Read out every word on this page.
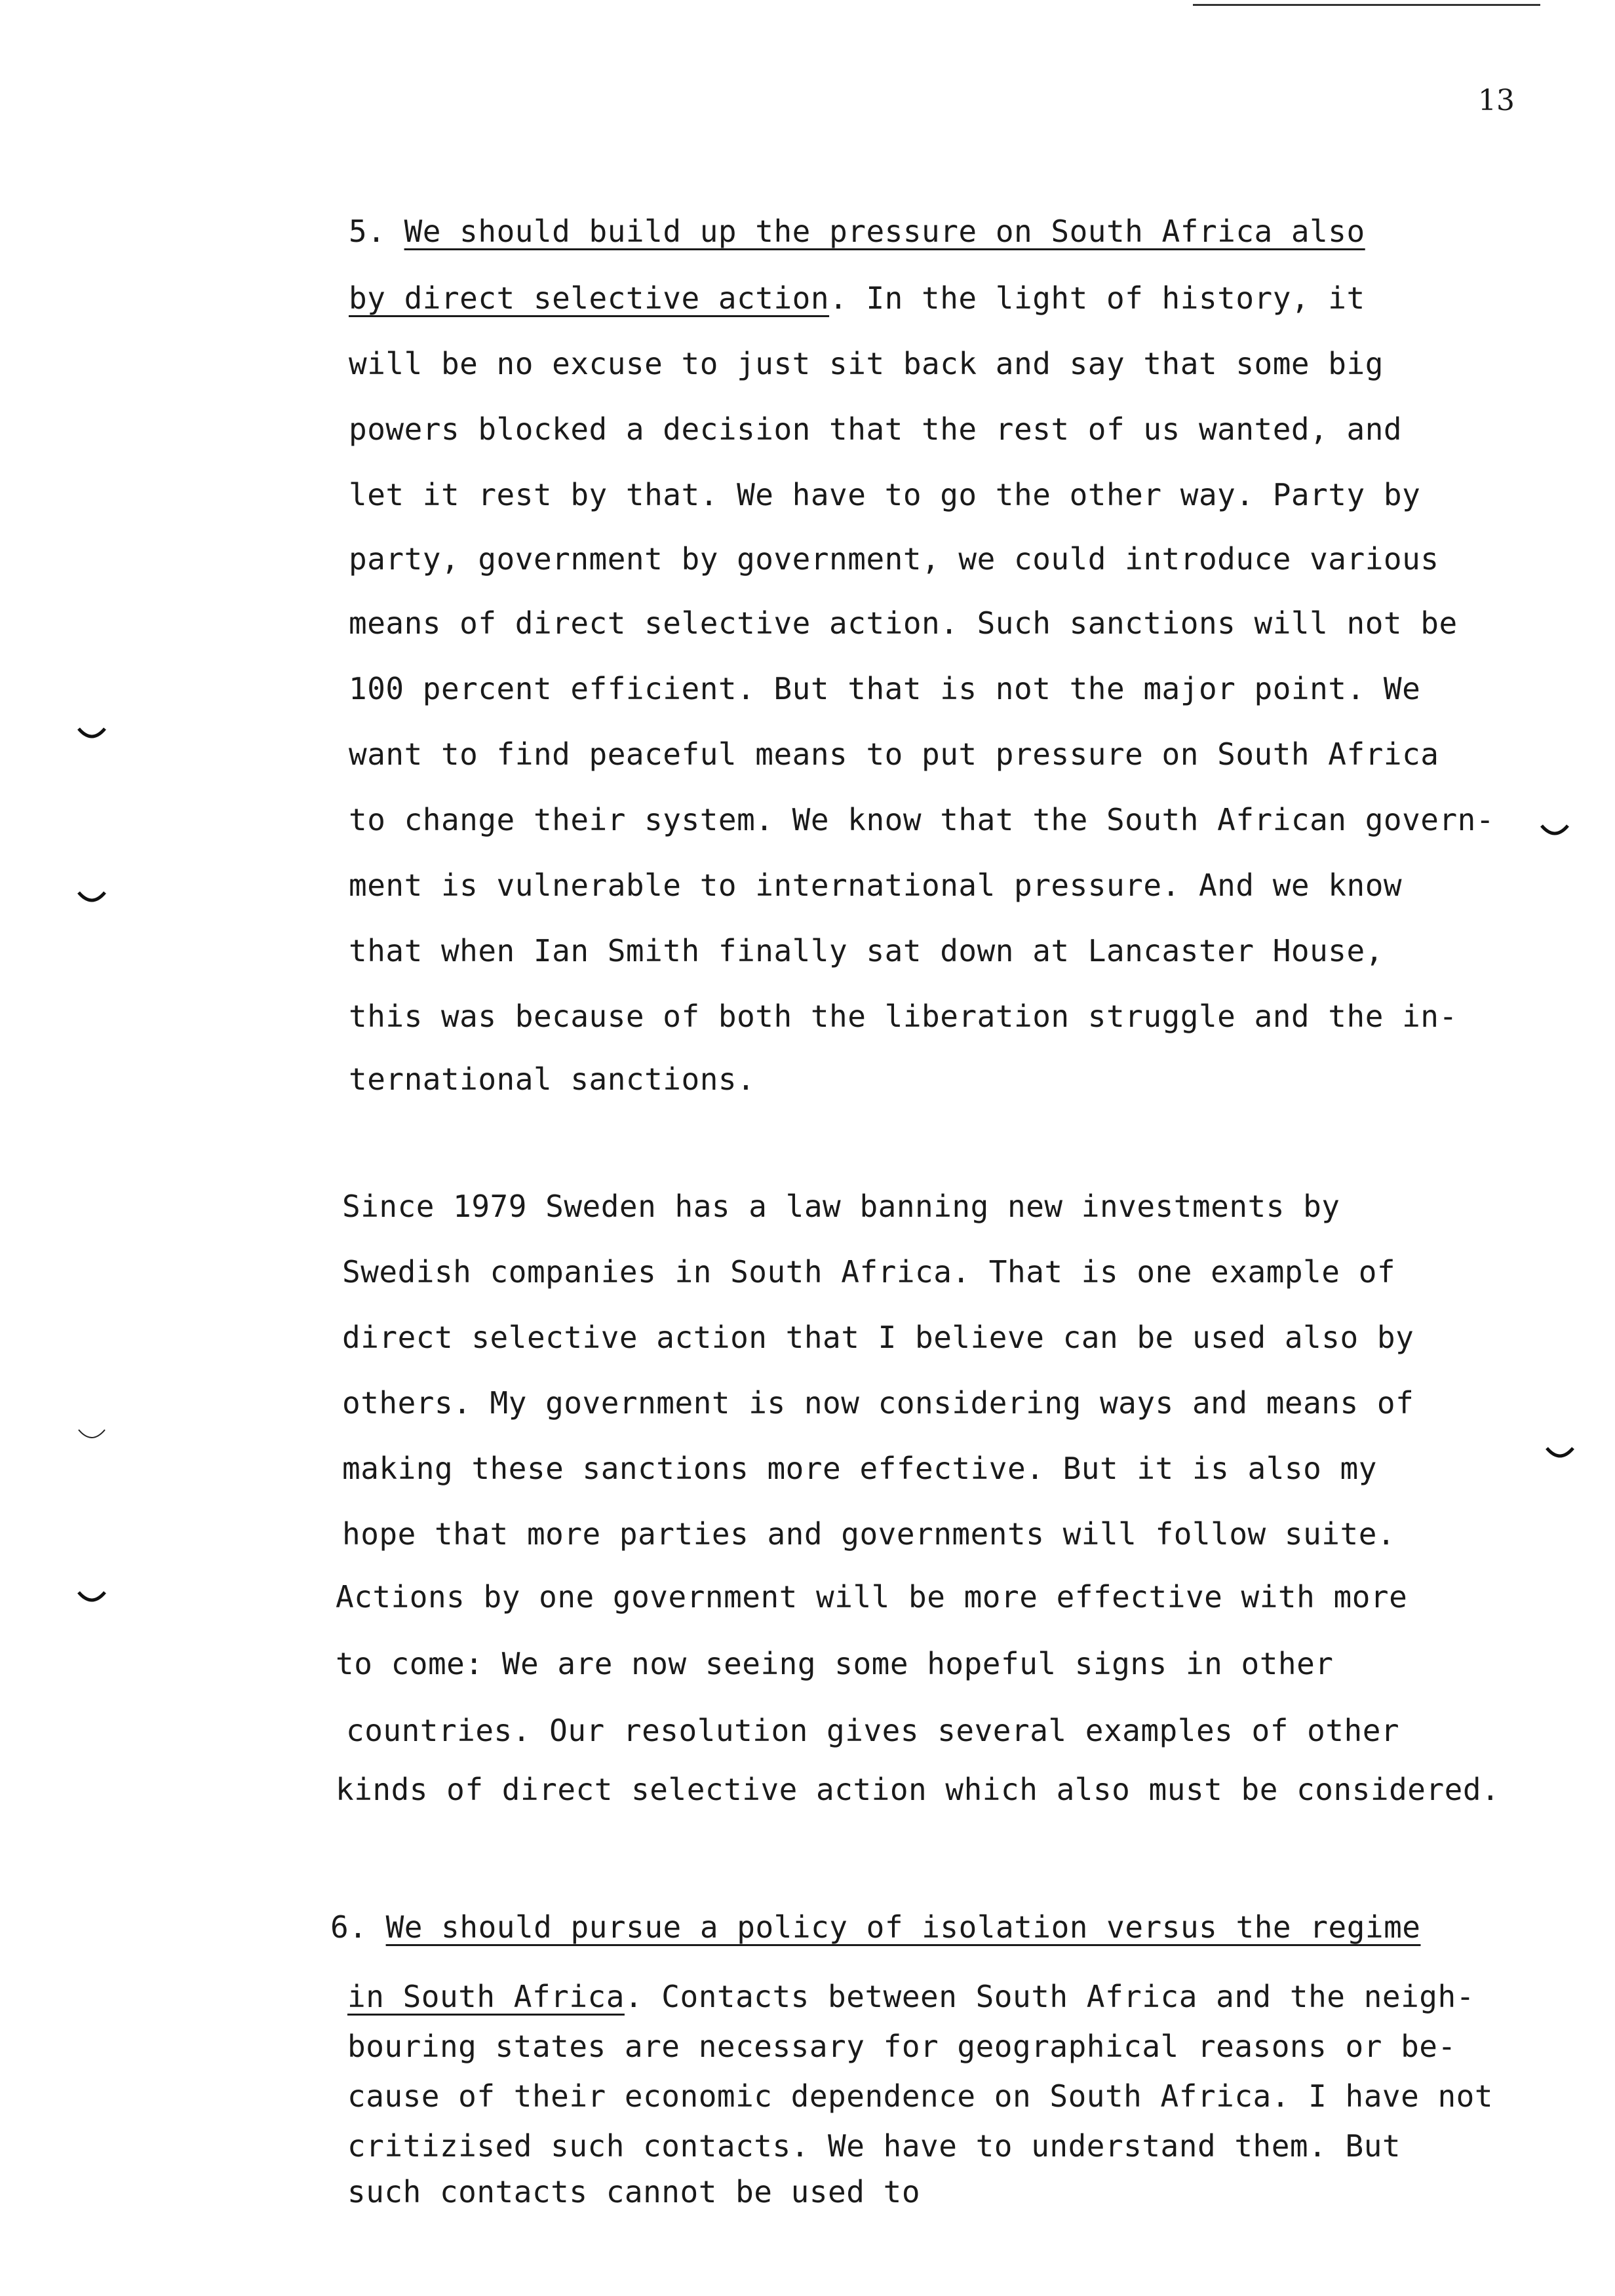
13
5. We should build up the pressure on South Africa also
by direct selective action. In the light of history, it
will be no excuse to just sit back and say that some big
powers blocked a decision that the rest of us wanted, and
let it rest by that. We have to go the other way. Party by
party, government by government, we could introduce various
means of direct selective action. Such sanctions will not be
100 percent efficient. But that is not the major point. We
want to find peaceful means to put pressure on South Africa
to change their system. We know that the South African govern-
ment is vulnerable to international pressure. And we know
that when Ian Smith finally sat down at Lancaster House,
this was because of both the liberation struggle and the in-
ternational sanctions.
Since 1979 Sweden has a law banning new investments by
Swedish companies in South Africa. That is one example of
direct selective action that I believe can be used also by
others. My government is now considering ways and means of
making these sanctions more effective. But it is also my
hope that more parties and governments will follow suite.
Actions by one government will be more effective with more
to come: We are now seeing some hopeful signs in other
countries. Our resolution gives several examples of other
kinds of direct selective action which also must be considered.
6. We should pursue a policy of isolation versus the regime
in South Africa. Contacts between South Africa and the neigh-
bouring states are necessary for geographical reasons or be-
cause of their economic dependence on South Africa. I have not
critizised such contacts. We have to understand them. But
such contacts cannot be used to
